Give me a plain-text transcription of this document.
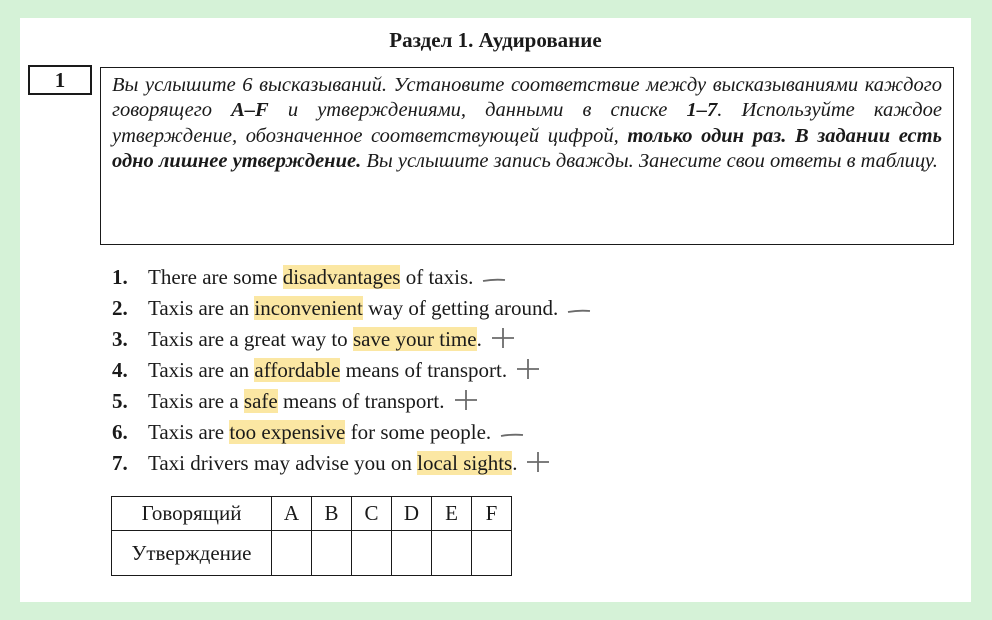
Раздел 1. Аудирование
1	Вы услышите 6 высказываний. Установите соответствие между высказываниями каждого говорящего A–F и утверждениями, данными в списке 1–7. Используйте каждое утверждение, обозначенное соответствующей цифрой, только один раз. В задании есть одно лишнее утверждение. Вы услышите запись дважды. Занесите свои ответы в таблицу.
1. There are some disadvantages of taxis.
2. Taxis are an inconvenient way of getting around.
3. Taxis are a great way to save your time.
4. Taxis are an affordable means of transport.
5. Taxis are a safe means of transport.
6. Taxis are too expensive for some people.
7. Taxi drivers may advise you on local sights.
Говорящий	A	B	C	D	E	F
Утверждение						
